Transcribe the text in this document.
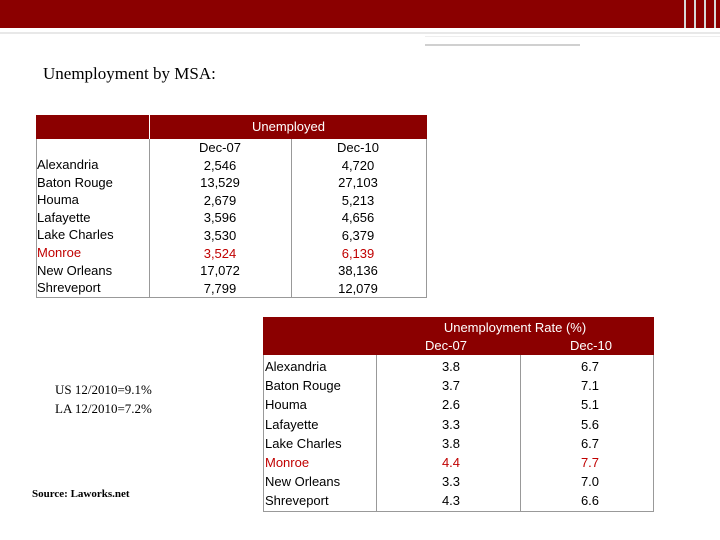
Unemployment by MSA:
Unemployed
Alexandria
Baton Rouge
Houma
Lafayette
Lake Charles
Monroe
New Orleans
Shreveport
Dec-07
2,546
13,529
2,679
3,596
3,530
3,524
17,072
7,799
Dec-10
4,720
27,103
5,213
4,656
6,379
6,139
38,136
12,079
Unemployment Rate (%)
Dec-07	Dec-10
Alexandria
Baton Rouge
Houma
Lafayette
Lake Charles
Monroe
New Orleans
Shreveport
3.8
3.7
2.6
3.3
3.8
4.4
3.3
4.3
6.7
7.1
5.1
5.6
6.7
7.7
7.0
6.6
US 12/2010=9.1%
LA 12/2010=7.2%
Source: Laworks.net
